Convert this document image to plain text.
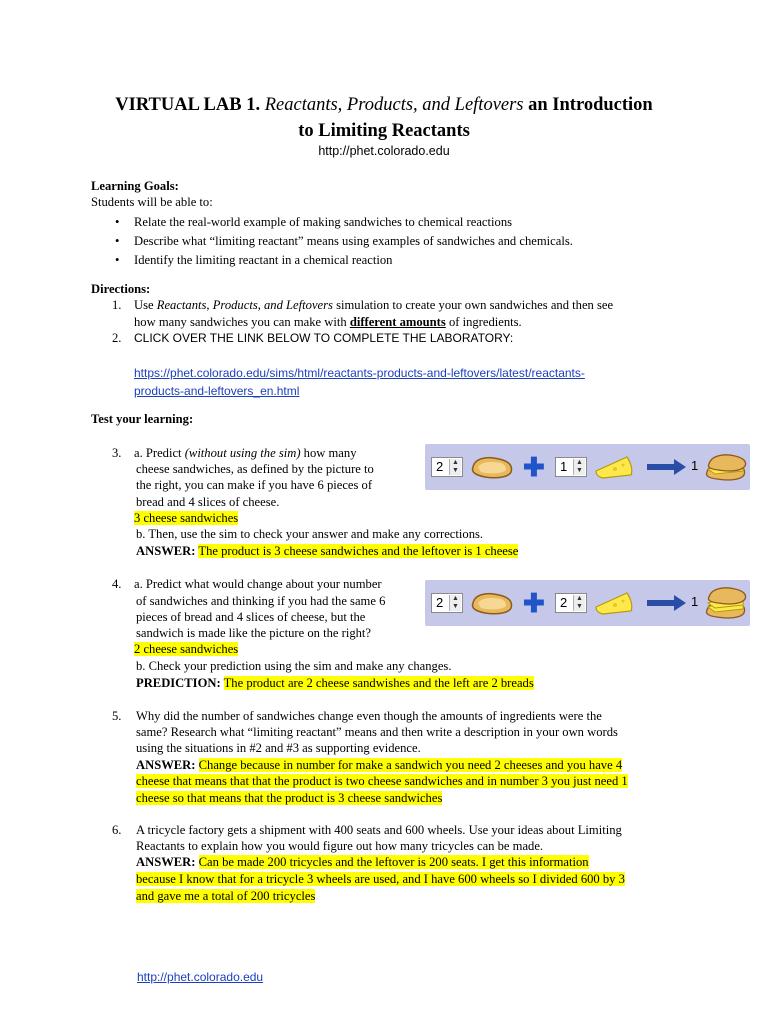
VIRTUAL LAB 1. Reactants, Products, and Leftovers an Introduction
to Limiting Reactants
http://phet.colorado.edu
Learning Goals:
Students will be able to:
• Relate the real-world example of making sandwiches to chemical reactions
• Describe what “limiting reactant” means using examples of sandwiches and chemicals.
• Identify the limiting reactant in a chemical reaction
Directions:
1. Use Reactants, Products, and Leftovers simulation to create your own sandwiches and then see
how many sandwiches you can make with different amounts of ingredients.
2. CLICK OVER THE LINK BELOW TO COMPLETE THE LABORATORY:
https://phet.colorado.edu/sims/html/reactants-products-and-leftovers/latest/reactants-
products-and-leftovers_en.html
Test your learning:
3. a. Predict (without using the sim) how many
cheese sandwiches, as defined by the picture to
the right, you can make if you have 6 pieces of
bread and 4 slices of cheese.
3 cheese sandwiches
b. Then, use the sim to check your answer and make any corrections.
ANSWER: The product is 3 cheese sandwiches and the leftover is 1 cheese
2	▲
▼ ✚ 1	▲
▼	→ 1
4. a. Predict what would change about your number
of sandwiches and thinking if you had the same 6
pieces of bread and 4 slices of cheese, but the
sandwich is made like the picture on the right?
2 cheese sandwiches
b. Check your prediction using the sim and make any changes.
PREDICTION: The product are 2 cheese sandwishes and the left are 2 breads
2	▲
▼ ✚ 2	▲
▼	→ 1
5. Why did the number of sandwiches change even though the amounts of ingredients were the
same? Research what “limiting reactant” means and then write a description in your own words
using the situations in #2 and #3 as supporting evidence.
ANSWER: Change because in number for make a sandwich you need 2 cheeses and you have 4
cheese that means that that the product is two cheese sandwiches and in number 3 you just need 1
cheese so that means that the product is 3 cheese sandwiches
6. A tricycle factory gets a shipment with 400 seats and 600 wheels. Use your ideas about Limiting
Reactants to explain how you would figure out how many tricycles can be made.
ANSWER: Can be made 200 tricycles and the leftover is 200 seats. I get this information
because I know that for a tricycle 3 wheels are used, and I have 600 wheels so I divided 600 by 3
and gave me a total of 200 tricycles
http://phet.colorado.edu
